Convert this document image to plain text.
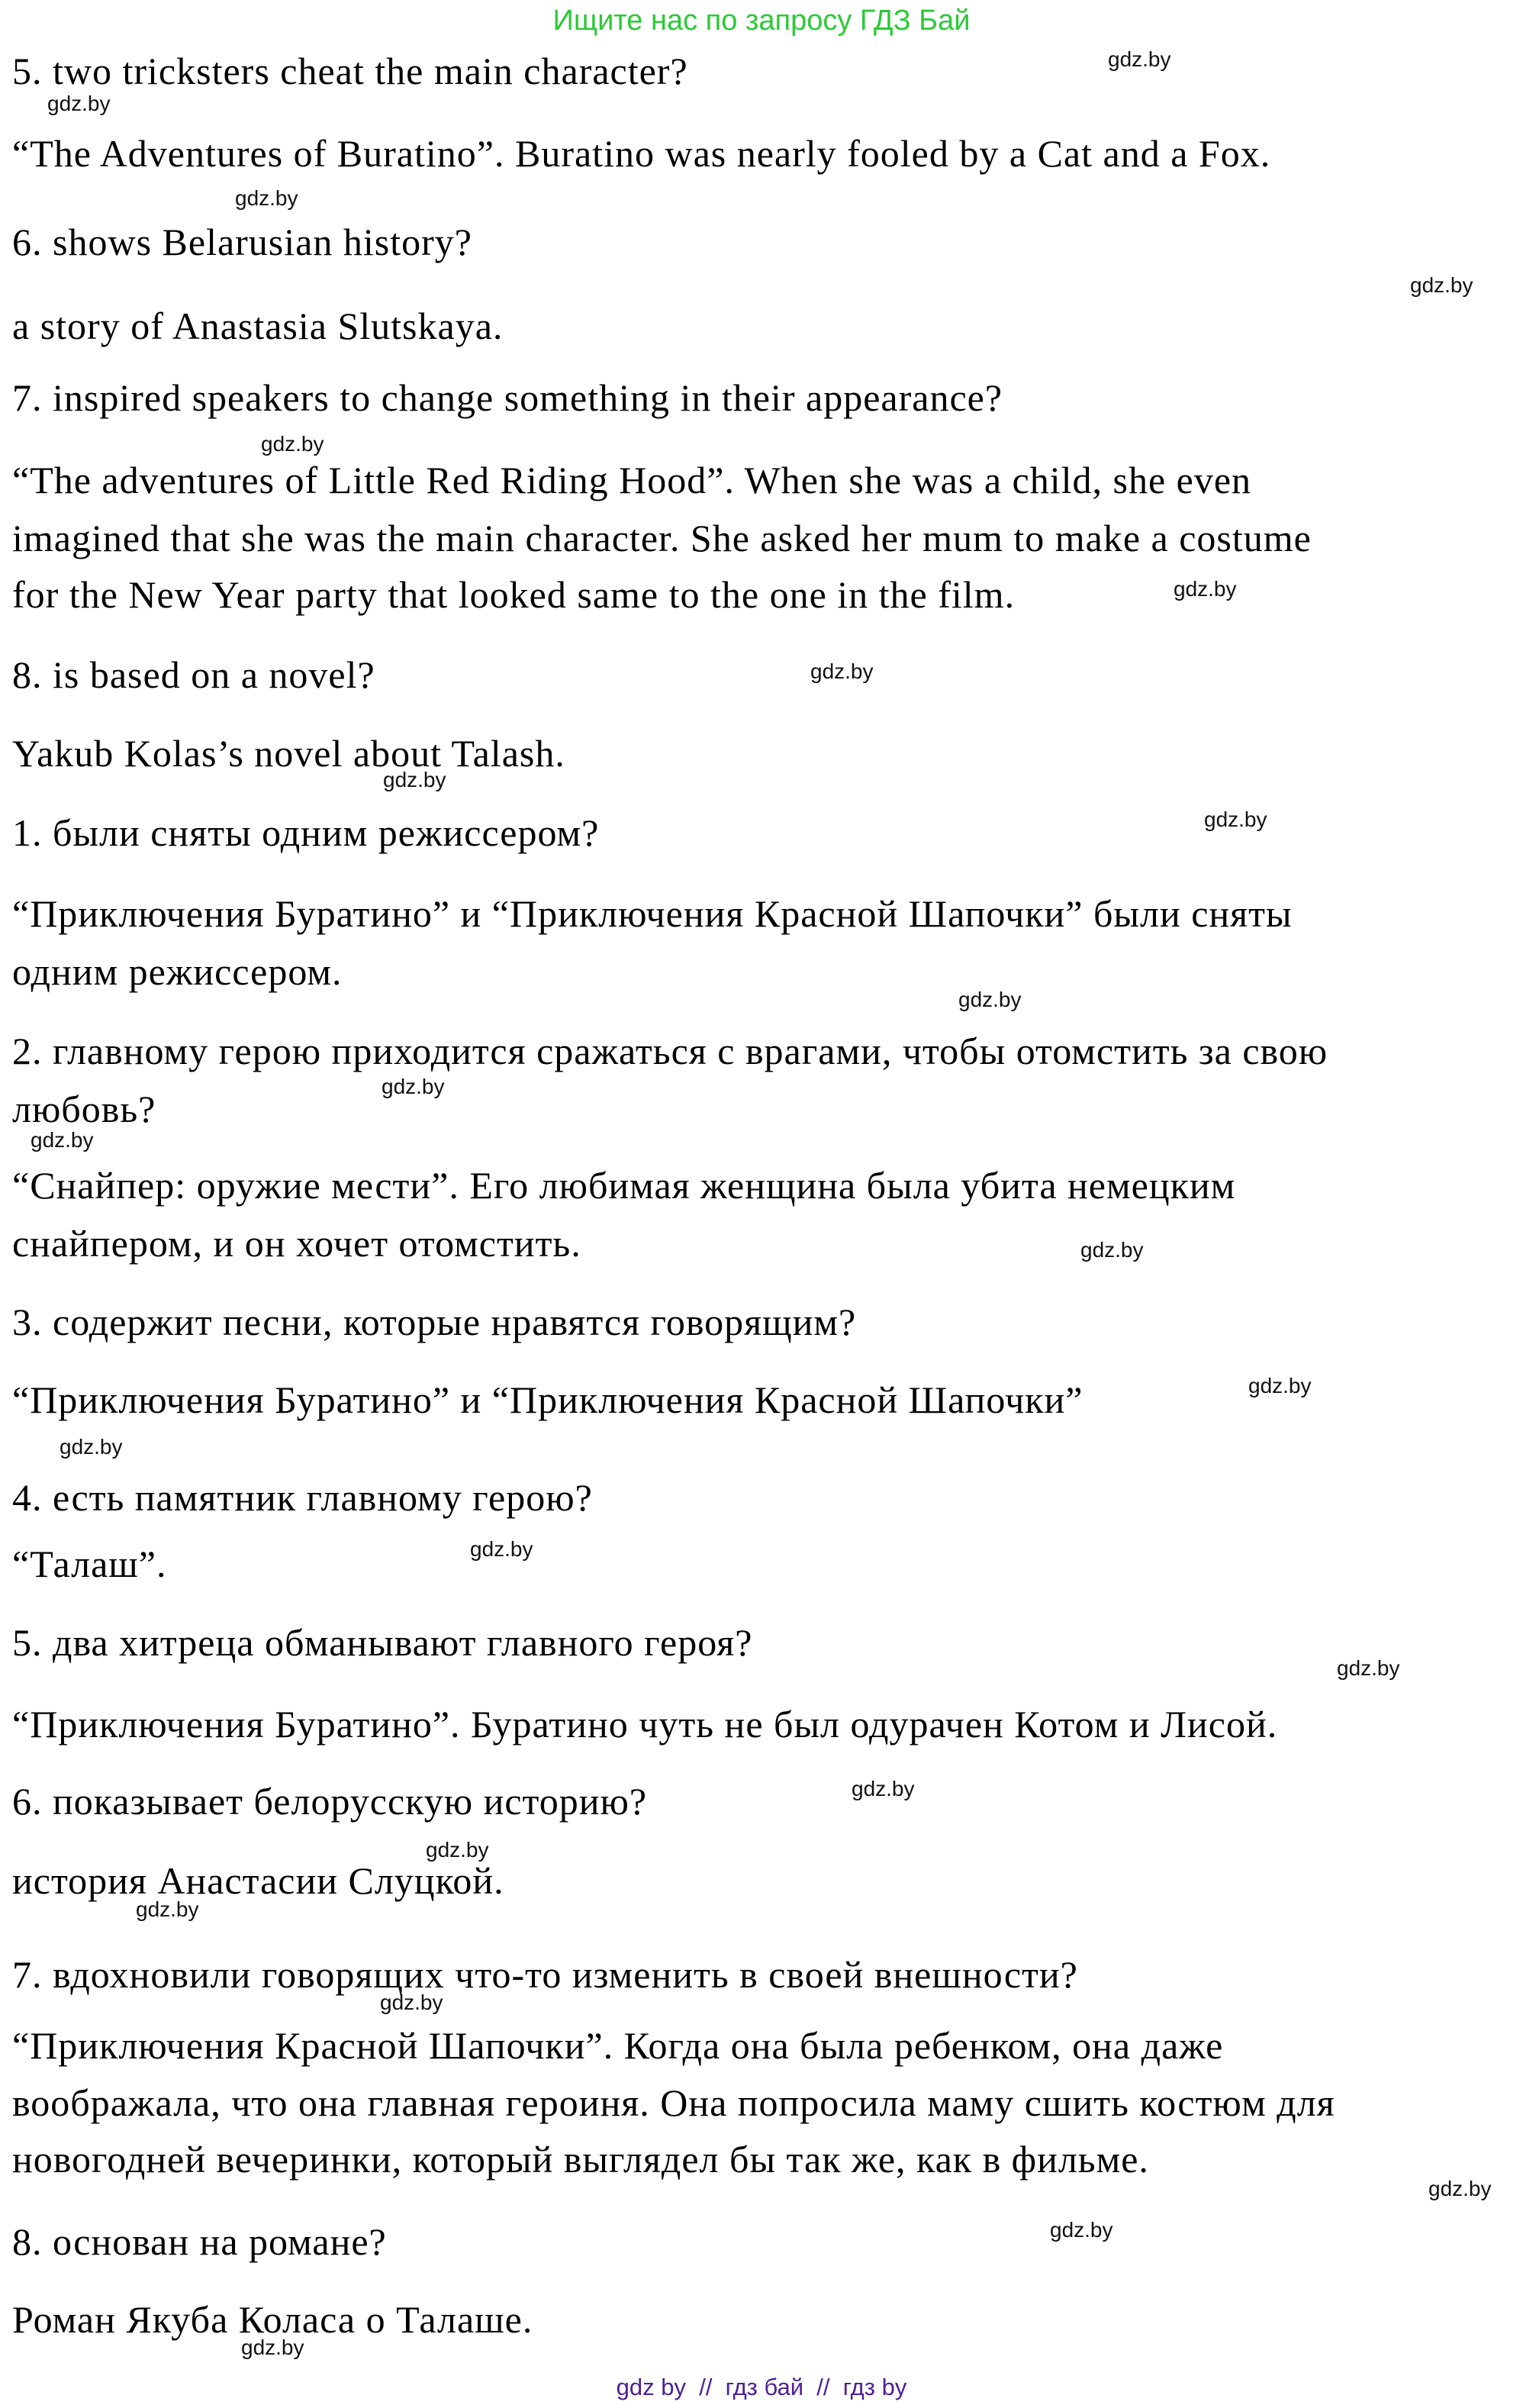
Ищите нас по запросу ГДЗ Бай
5. two tricksters cheat the main character?
“The Adventures of Buratino”. Buratino was nearly fooled by a Cat and a Fox.
6. shows Belarusian history?
a story of Anastasia Slutskaya.
7. inspired speakers to change something in their appearance?
“The adventures of Little Red Riding Hood”. When she was a child, she even
imagined that she was the main character. She asked her mum to make a costume
for the New Year party that looked same to the one in the film.
8. is based on a novel?
Yakub Kolas’s novel about Talash.
1. были сняты одним режиссером?
“Приключения Буратино” и “Приключения Красной Шапочки” были сняты
одним режиссером.
2. главному герою приходится сражаться с врагами, чтобы отомстить за свою
любовь?
“Снайпер: оружие мести”. Его любимая женщина была убита немецким
снайпером, и он хочет отомстить.
3. содержит песни, которые нравятся говорящим?
“Приключения Буратино” и “Приключения Красной Шапочки”
4. есть памятник главному герою?
“Талаш”.
5. два хитреца обманывают главного героя?
“Приключения Буратино”. Буратино чуть не был одурачен Котом и Лисой.
6. показывает белорусскую историю?
история Анастасии Слуцкой.
7. вдохновили говорящих что-то изменить в своей внешности?
“Приключения Красной Шапочки”. Когда она была ребенком, она даже
воображала, что она главная героиня. Она попросила маму сшить костюм для
новогодней вечеринки, который выглядел бы так же, как в фильме.
8. основан на романе?
Роман Якуба Коласа о Талаше.
gdz.by
gdz.by
gdz.by
gdz.by
gdz.by
gdz.by
gdz.by
gdz.by
gdz.by
gdz.by
gdz.by
gdz.by
gdz.by
gdz.by
gdz.by
gdz.by
gdz.by
gdz.by
gdz.by
gdz.by
gdz.by
gdz.by
gdz.by
gdz.by
gdz by  //  гдз бай  //  гдз by
